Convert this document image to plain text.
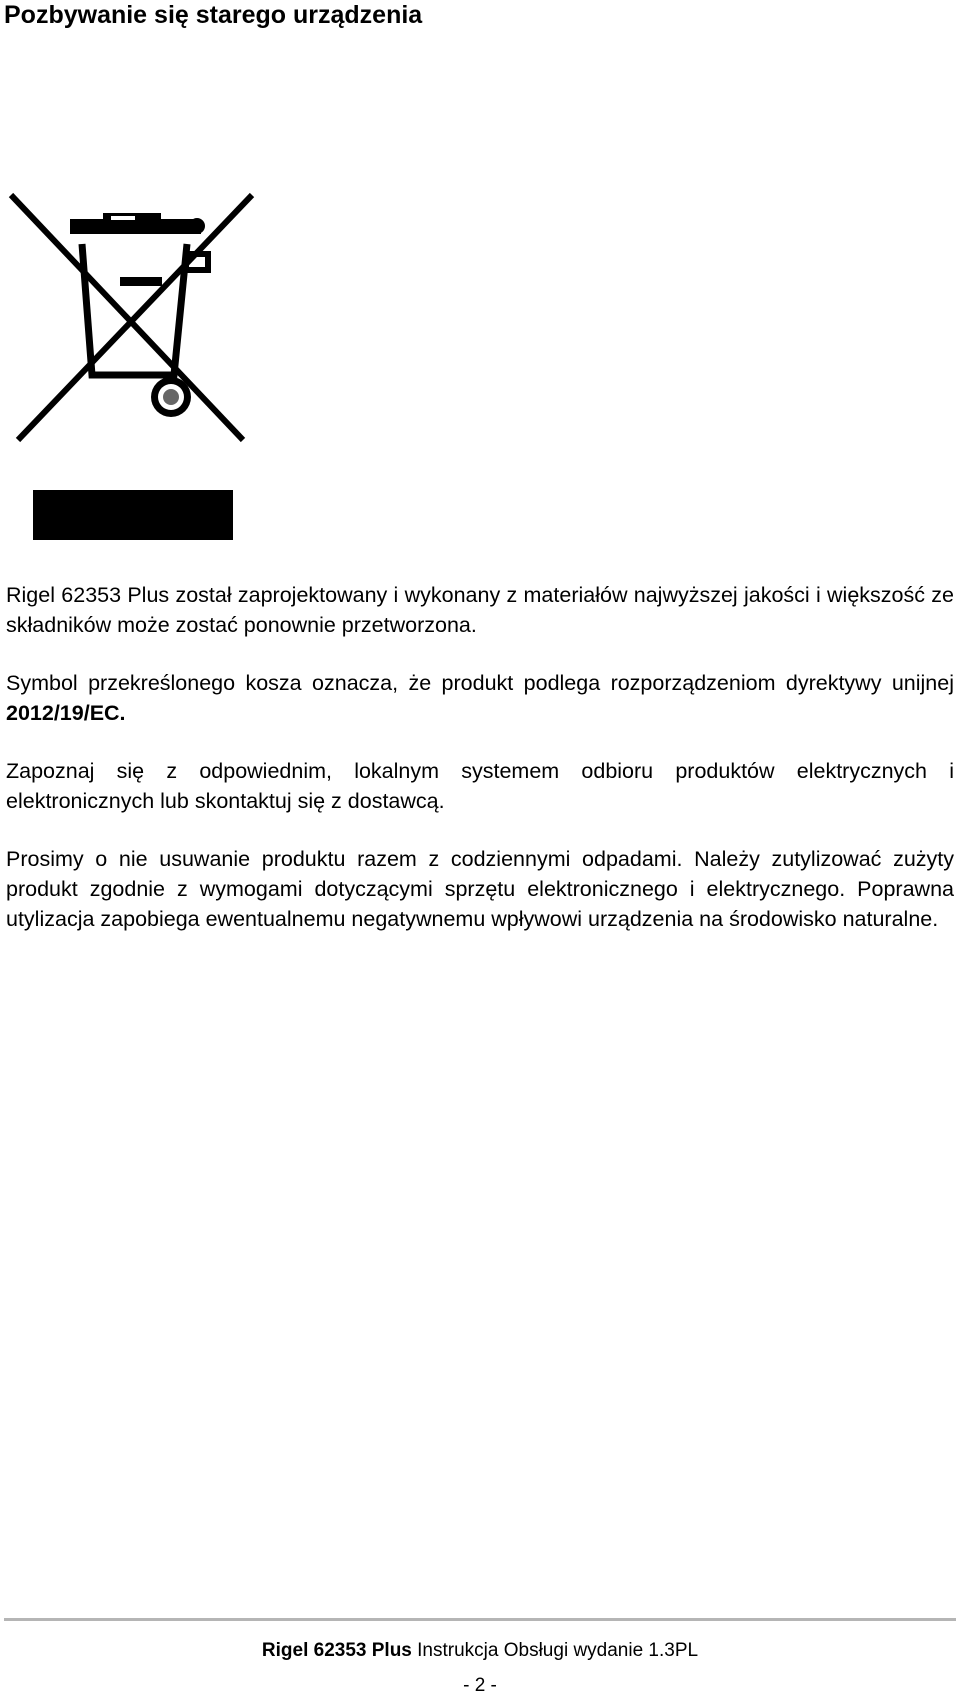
Pozbywanie się starego urządzenia

Rigel 62353 Plus został zaprojektowany i wykonany z materiałów najwyższej jakości i większość ze składników może zostać ponownie przetworzona.

Symbol przekreślonego kosza oznacza, że produkt podlega rozporządzeniom dyrektywy unijnej 2012/19/EC.

Zapoznaj się z odpowiednim, lokalnym systemem odbioru produktów elektrycznych i elektronicznych lub skontaktuj się z dostawcą.

Prosimy o nie usuwanie produktu razem z codziennymi odpadami. Należy zutylizować zużyty produkt zgodnie z wymogami dotyczącymi sprzętu elektronicznego i elektrycznego. Poprawna utylizacja zapobiega ewentualnemu negatywnemu wpływowi urządzenia na środowisko naturalne.

Rigel 62353 Plus Instrukcja Obsługi wydanie 1.3PL
- 2 -
